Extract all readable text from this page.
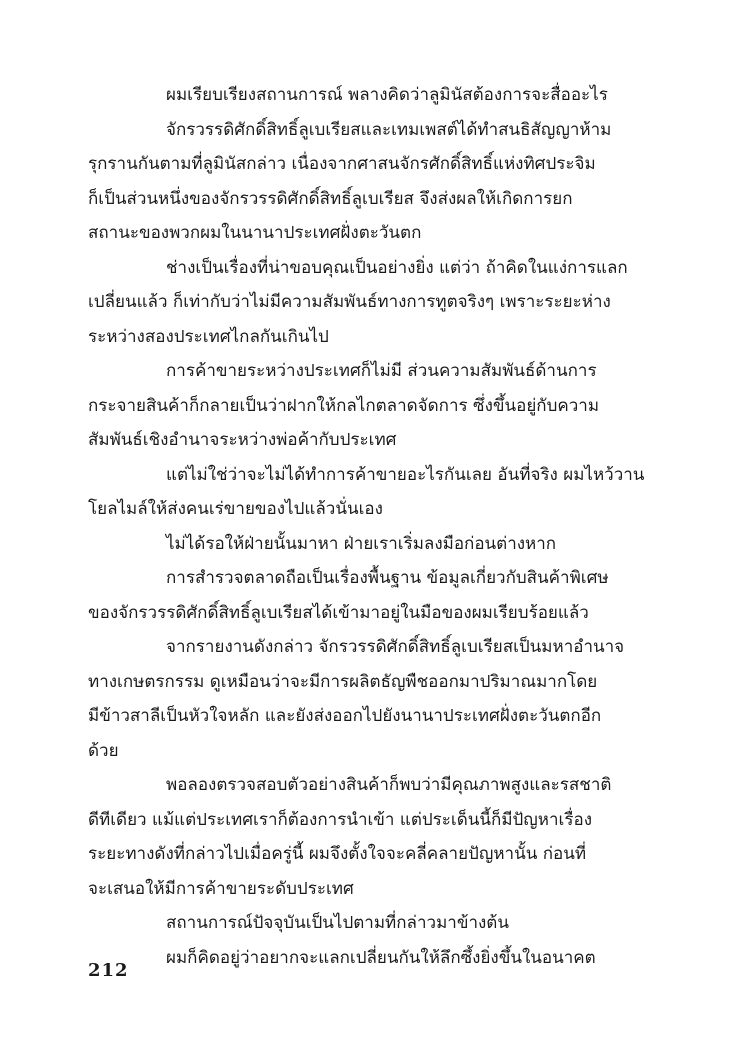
ผมเรียบเรียงสถานการณ์ พลางคิดว่าลูมินัสต้องการจะสื่ออะไร
จักรวรรดิศักดิ์สิทธิ์ลูเบเรียสและเทมเพสต์ได้ทำสนธิสัญญาห้าม
รุกรานกันตามที่ลูมินัสกล่าว เนื่องจากศาสนจักรศักดิ์สิทธิ์แห่งทิศประจิม
ก็เป็นส่วนหนึ่งของจักรวรรดิศักดิ์สิทธิ์ลูเบเรียส จึงส่งผลให้เกิดการยก
สถานะของพวกผมในนานาประเทศฝั่งตะวันตก
ช่างเป็นเรื่องที่น่าขอบคุณเป็นอย่างยิ่ง แต่ว่า ถ้าคิดในแง่การแลก
เปลี่ยนแล้ว ก็เท่ากับว่าไม่มีความสัมพันธ์ทางการทูตจริงๆ เพราะระยะห่าง
ระหว่างสองประเทศไกลกันเกินไป
การค้าขายระหว่างประเทศก็ไม่มี ส่วนความสัมพันธ์ด้านการ
กระจายสินค้าก็กลายเป็นว่าฝากให้กลไกตลาดจัดการ ซึ่งขึ้นอยู่กับความ
สัมพันธ์เชิงอำนาจระหว่างพ่อค้ากับประเทศ
แต่ไม่ใช่ว่าจะไม่ได้ทำการค้าขายอะไรกันเลย อันที่จริง ผมไหว้วาน
โยลไมล์ให้ส่งคนเร่ขายของไปแล้วนั่นเอง
ไม่ได้รอให้ฝ่ายนั้นมาหา ฝ่ายเราเริ่มลงมือก่อนต่างหาก
การสำรวจตลาดถือเป็นเรื่องพื้นฐาน ข้อมูลเกี่ยวกับสินค้าพิเศษ
ของจักรวรรดิศักดิ์สิทธิ์ลูเบเรียสได้เข้ามาอยู่ในมือของผมเรียบร้อยแล้ว
จากรายงานดังกล่าว จักรวรรดิศักดิ์สิทธิ์ลูเบเรียสเป็นมหาอำนาจ
ทางเกษตรกรรม ดูเหมือนว่าจะมีการผลิตธัญพืชออกมาปริมาณมากโดย
มีข้าวสาลีเป็นหัวใจหลัก และยังส่งออกไปยังนานาประเทศฝั่งตะวันตกอีก
ด้วย
พอลองตรวจสอบตัวอย่างสินค้าก็พบว่ามีคุณภาพสูงและรสชาติ
ดีทีเดียว แม้แต่ประเทศเราก็ต้องการนำเข้า แต่ประเด็นนี้ก็มีปัญหาเรื่อง
ระยะทางดังที่กล่าวไปเมื่อครู่นี้ ผมจึงตั้งใจจะคลี่คลายปัญหานั้น ก่อนที่
จะเสนอให้มีการค้าขายระดับประเทศ
สถานการณ์ปัจจุบันเป็นไปตามที่กล่าวมาข้างต้น
ผมก็คิดอยู่ว่าอยากจะแลกเปลี่ยนกันให้ลึกซึ้งยิ่งขึ้นในอนาคต
212
